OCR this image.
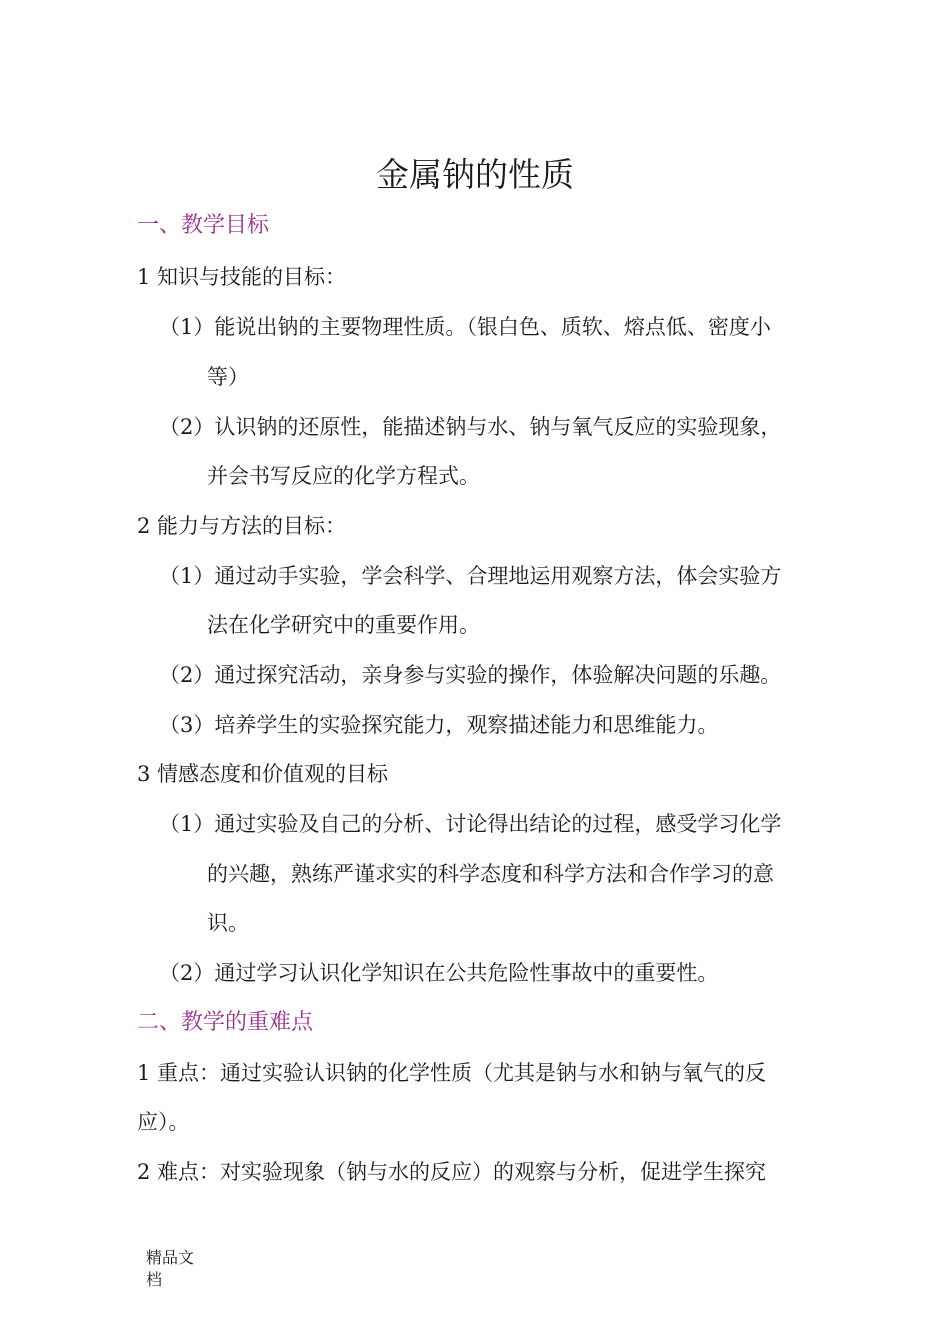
金属钠的性质
一、教学目标
1 知识与技能的目标：
（1）能说出钠的主要物理性质。（银白色、质软、熔点低、密度小
等）
（2）认识钠的还原性，能描述钠与水、钠与氧气反应的实验现象，
并会书写反应的化学方程式。
2 能力与方法的目标：
（1）通过动手实验，学会科学、合理地运用观察方法，体会实验方
法在化学研究中的重要作用。
（2）通过探究活动，亲身参与实验的操作，体验解决问题的乐趣。
（3）培养学生的实验探究能力，观察描述能力和思维能力。
3 情感态度和价值观的目标
（1）通过实验及自己的分析、讨论得出结论的过程，感受学习化学
的兴趣，熟练严谨求实的科学态度和科学方法和合作学习的意
识。
（2）通过学习认识化学知识在公共危险性事故中的重要性。
二、教学的重难点
1 重点：通过实验认识钠的化学性质（尤其是钠与水和钠与氧气的反
应）。
2 难点：对实验现象（钠与水的反应）的观察与分析，促进学生探究
精品文
档
